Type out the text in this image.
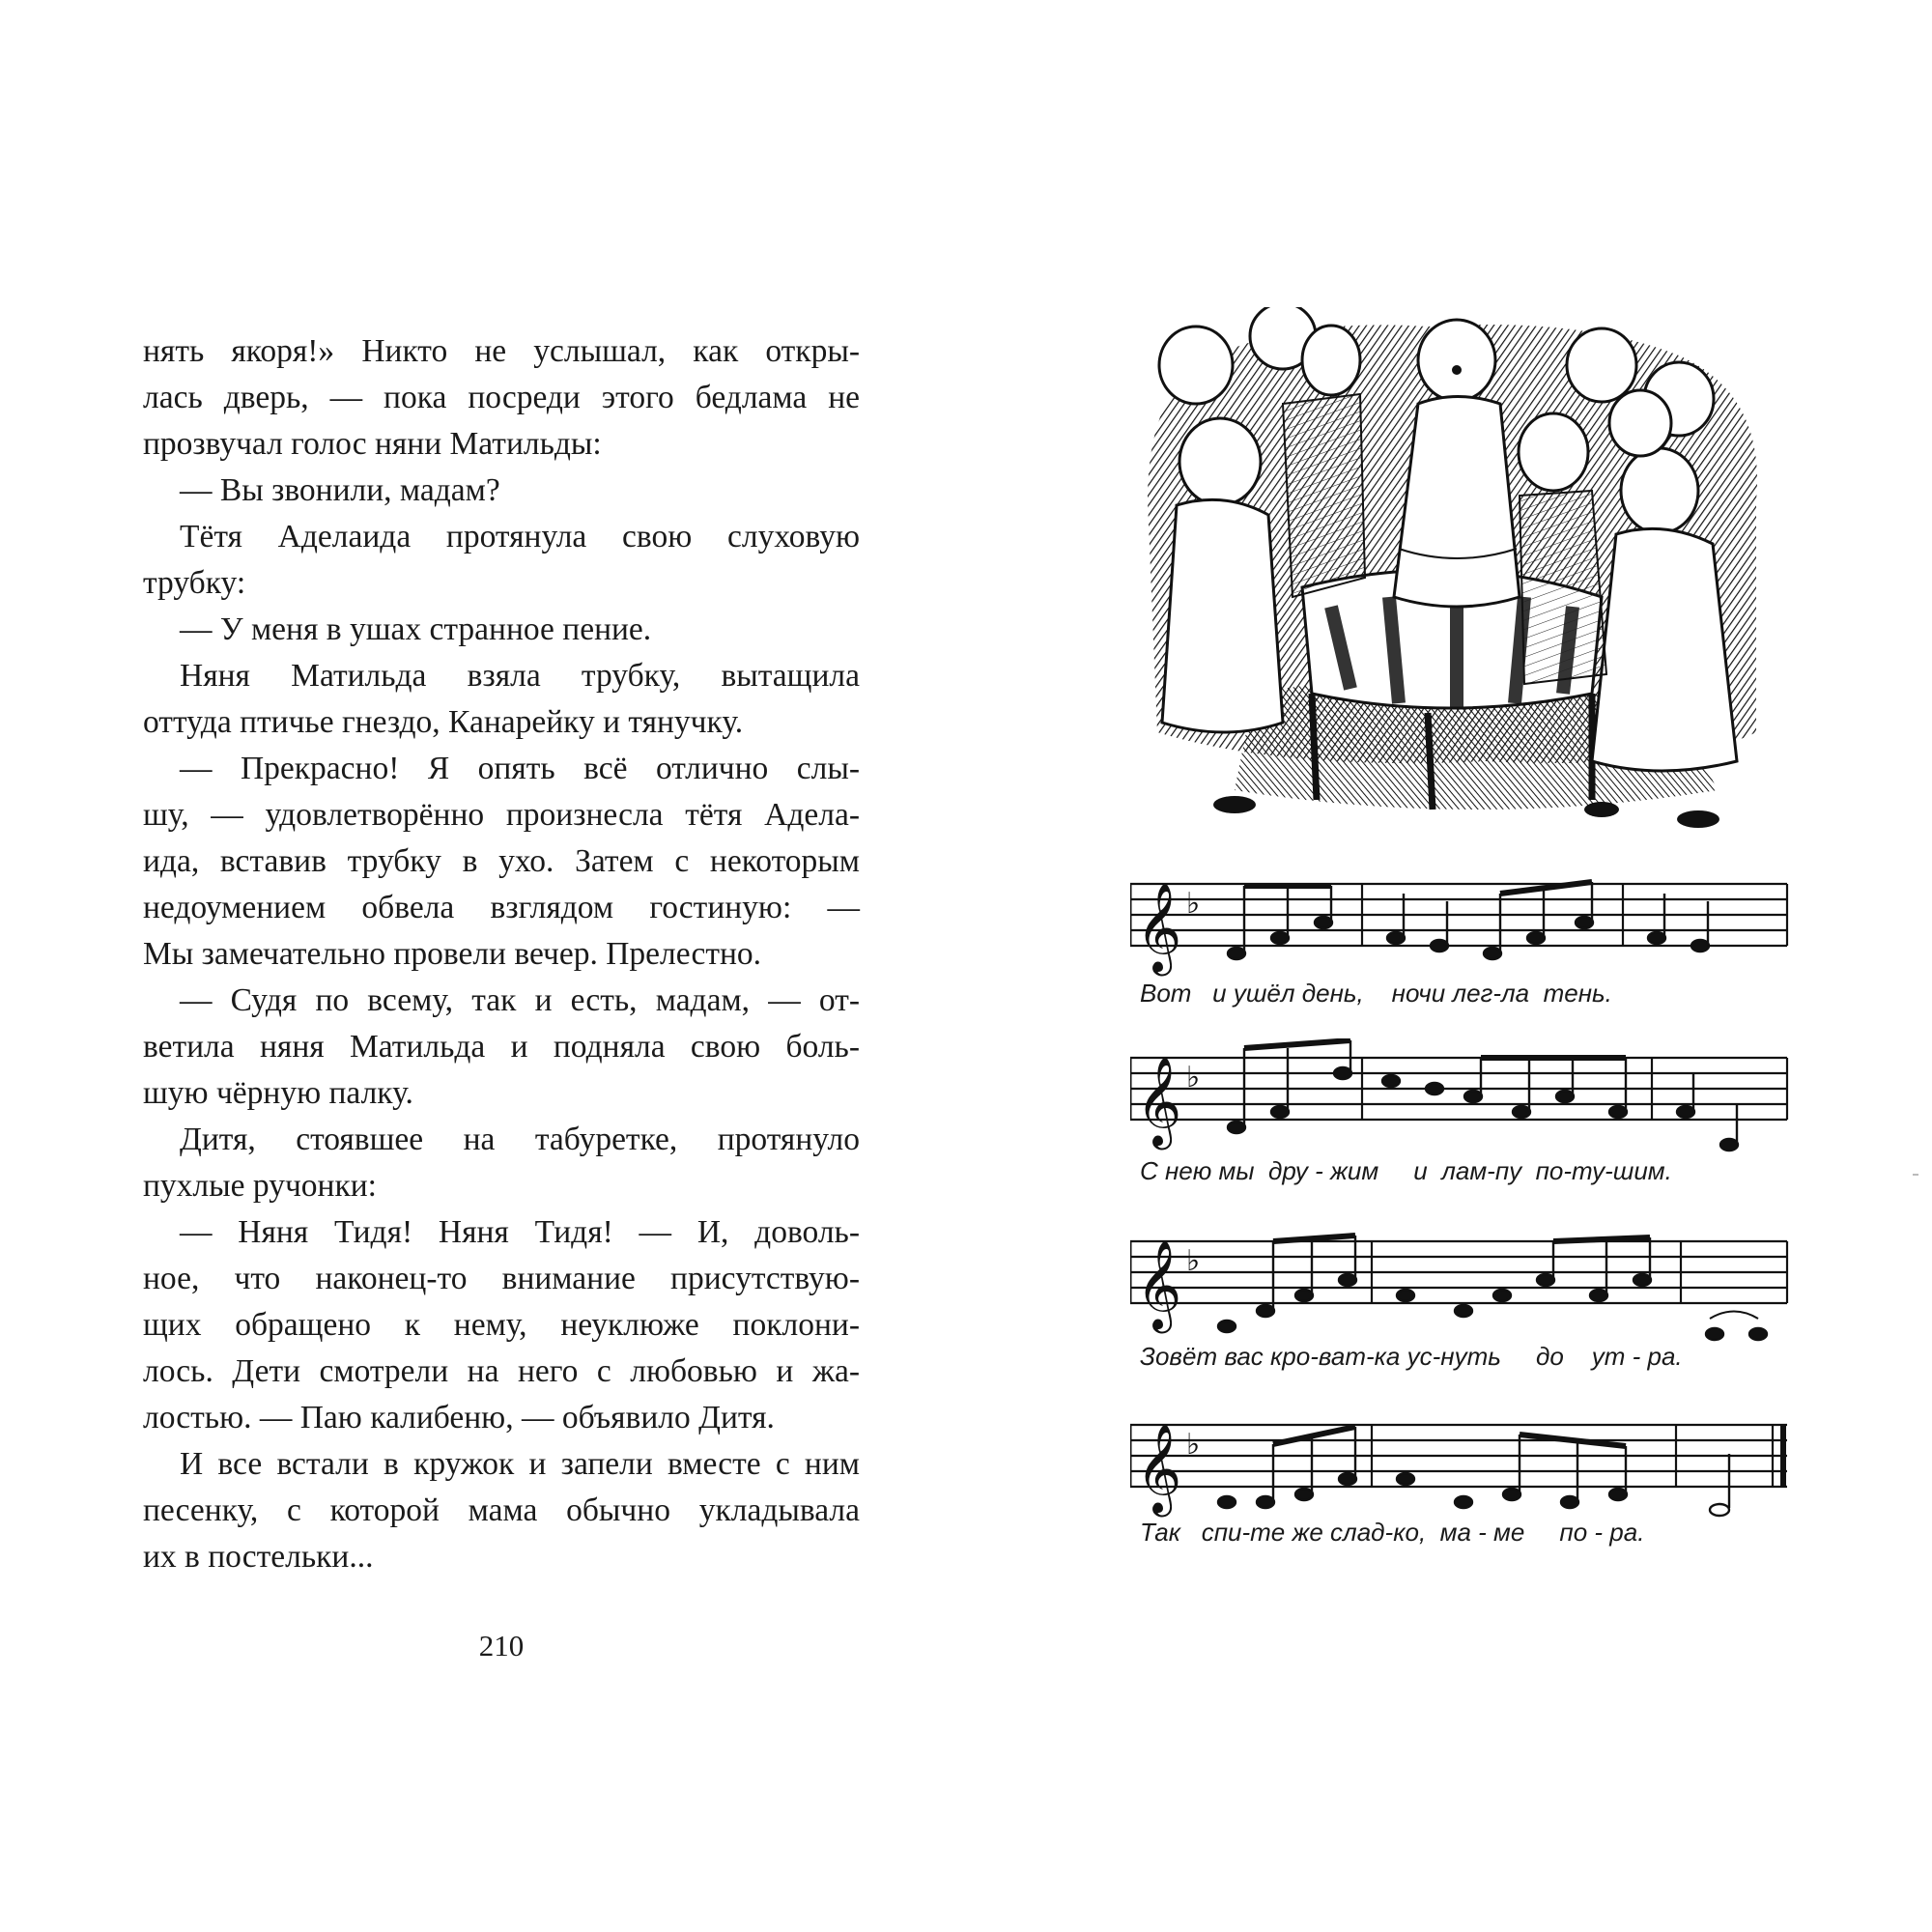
нять якоря!» Никто не услышал, как откры-
лась дверь, — пока посреди этого бедлама не
прозвучал голос няни Матильды:
— Вы звонили, мадам?
Тётя Аделаида протянула свою слуховую
трубку:
— У меня в ушах странное пение.
Няня Матильда взяла трубку, вытащила
оттуда птичье гнездо, Канарейку и тянучку.
— Прекрасно! Я опять всё отлично слы-
шу, — удовлетворённо произнесла тётя Адела-
ида, вставив трубку в ухо. Затем с некоторым
недоумением обвела взглядом гостиную: —
Мы замечательно провели вечер. Прелестно.
— Судя по всему, так и есть, мадам, — от-
ветила няня Матильда и подняла свою боль-
шую чёрную палку.
Дитя, стоявшее на табуретке, протянуло
пухлые ручонки:
— Няня Тидя! Няня Тидя! — И, доволь-
ное, что наконец-то внимание присутствую-
щих обращено к нему, неуклюже поклони-
лось. Дети смотрели на него с любовью и жа-
лостью. — Паю калибеню, — объявило Дитя.
И все встали в кружок и запели вместе с ним
песенку, с которой мама обычно укладывала
их в постельки...
210
𝄞 ♭
Вот   и ушёл день,    ночи лег-ла  тень.
𝄞 ♭
С нею мы  дру - жим     и  лам-пу  по-ту-шим.
𝄞 ♭
Зовёт вас кро-ват-ка ус-нуть     до    ут - ра.
𝄞 ♭
Так   спи-те же слад-ко,  ма - ме     по - ра.
